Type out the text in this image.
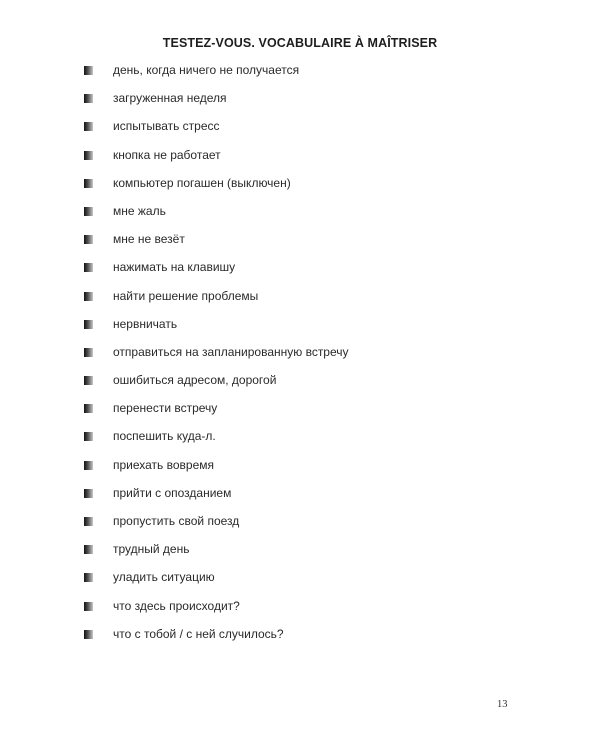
TESTEZ-VOUS. VOCABULAIRE À MAÎTRISER
день, когда ничего не получается
загруженная неделя
испытывать стресс
кнопка не работает
компьютер погашен (выключен)
мне жаль
мне не везёт
нажимать на клавишу
найти решение проблемы
нервничать
отправиться на запланированную встречу
ошибиться адресом, дорогой
перенести встречу
поспешить куда-л.
приехать вовремя
прийти с опозданием
пропустить свой поезд
трудный день
уладить ситуацию
что здесь происходит?
что с тобой / с ней случилось?
13
